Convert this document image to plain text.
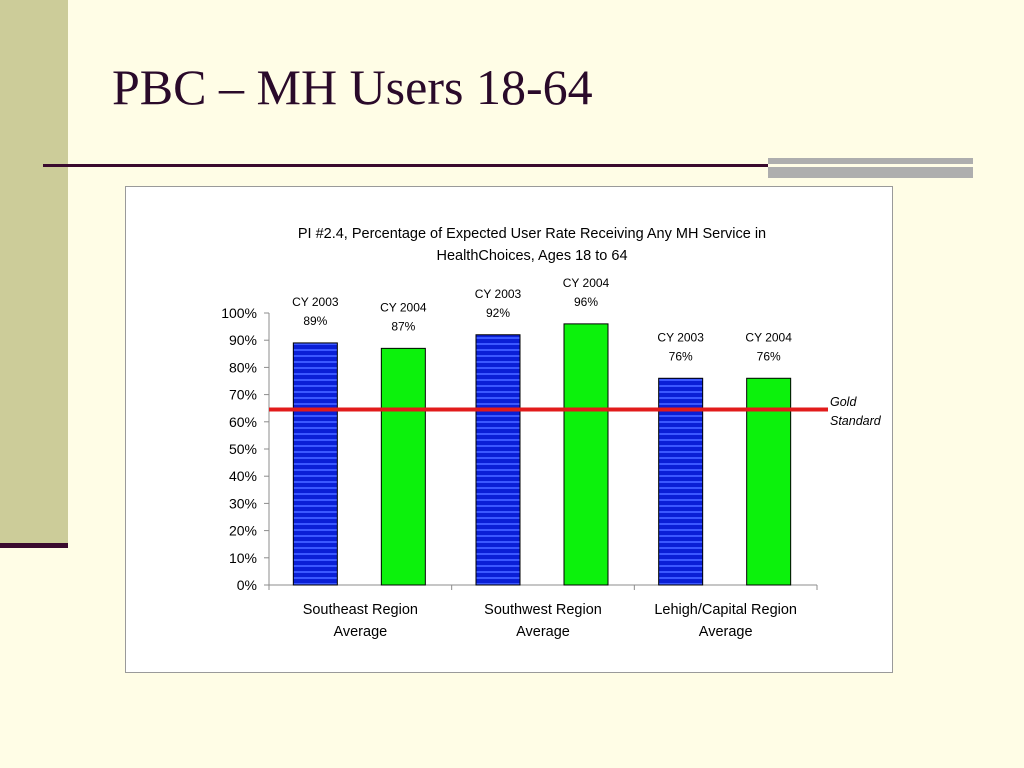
PBC – MH Users 18-64
PI #2.4, Percentage of Expected User Rate Receiving Any MH Service in
HealthChoices, Ages 18 to 64
0%
10%
20%
30%
40%
50%
60%
70%
80%
90%
100%
Southeast Region
Average
Southwest Region
Average
Lehigh/Capital Region
Average
CY 2003
89%
CY 2003
92%
CY 2003
76%
CY 2004
87%
CY 2004
96%
CY 2004
76%
Gold
Standard
